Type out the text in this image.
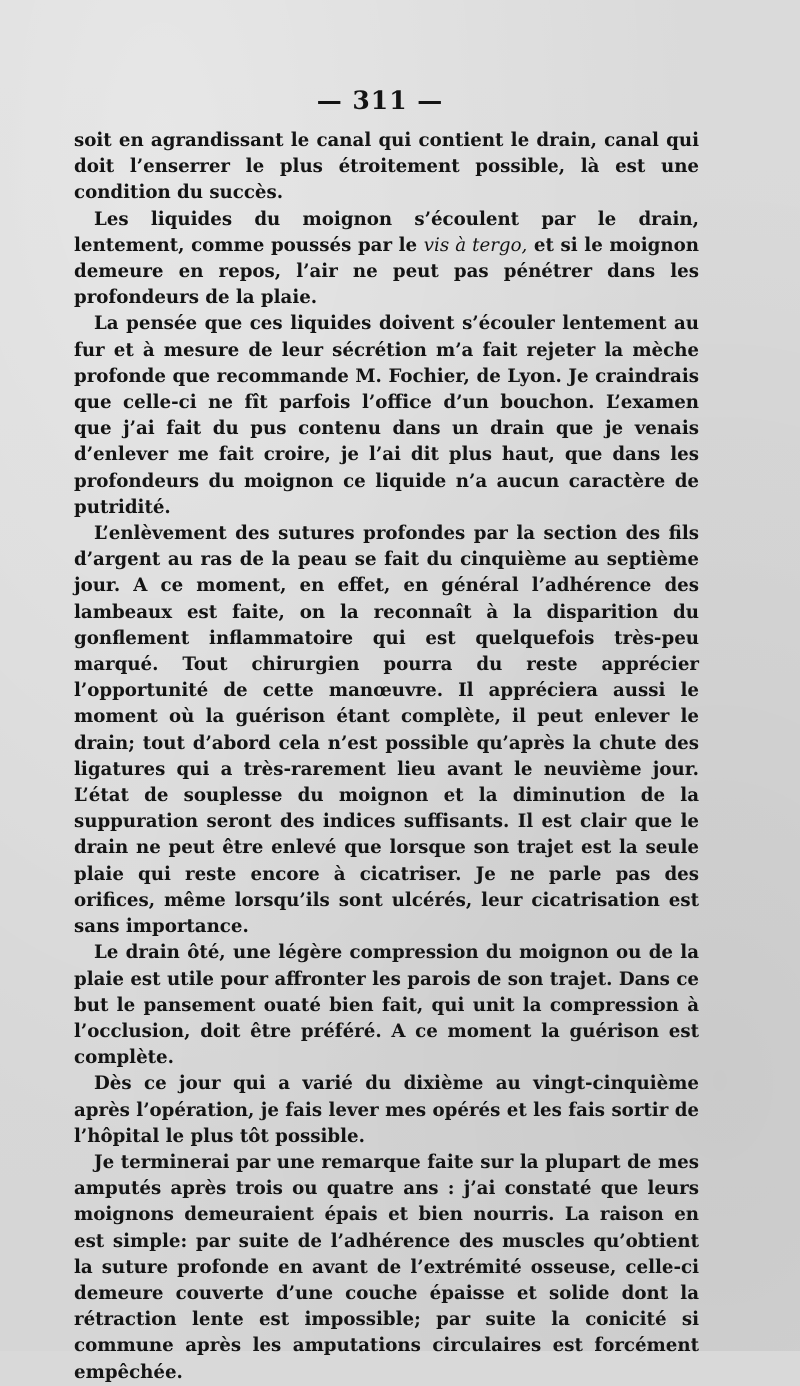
— 311 —

soit en agrandissant le canal qui contient le drain, canal qui doit l’enserrer le plus étroitement possible, là est une condition du succès.

Les liquides du moignon s’écoulent par le drain, lentement, comme poussés par le vis à tergo, et si le moignon demeure en repos, l’air ne peut pas pénétrer dans les profondeurs de la plaie.

La pensée que ces liquides doivent s’écouler lentement au fur et à mesure de leur sécrétion m’a fait rejeter la mèche profonde que recommande M. Fochier, de Lyon. Je craindrais que celle-ci ne fît parfois l’office d’un bouchon. L’examen que j’ai fait du pus contenu dans un drain que je venais d’enlever me fait croire, je l’ai dit plus haut, que dans les profondeurs du moignon ce liquide n’a aucun caractère de putridité.

L’enlèvement des sutures profondes par la section des fils d’argent au ras de la peau se fait du cinquième au septième jour. A ce moment, en effet, en général l’adhérence des lambeaux est faite, on la reconnaît à la disparition du gonflement inflammatoire qui est quelquefois très-peu marqué. Tout chirurgien pourra du reste apprécier l’opportunité de cette manœuvre. Il appréciera aussi le moment où la guérison étant complète, il peut enlever le drain; tout d’abord cela n’est possible qu’après la chute des ligatures qui a très-rarement lieu avant le neuvième jour. L’état de souplesse du moignon et la diminution de la suppuration seront des indices suffisants. Il est clair que le drain ne peut être enlevé que lorsque son trajet est la seule plaie qui reste encore à cicatriser. Je ne parle pas des orifices, même lorsqu’ils sont ulcérés, leur cicatrisation est sans importance.

Le drain ôté, une légère compression du moignon ou de la plaie est utile pour affronter les parois de son trajet. Dans ce but le pansement ouaté bien fait, qui unit la compression à l’occlusion, doit être préféré. A ce moment la guérison est complète.

Dès ce jour qui a varié du dixième au vingt-cinquième après l’opération, je fais lever mes opérés et les fais sortir de l’hôpital le plus tôt possible.

Je terminerai par une remarque faite sur la plupart de mes amputés après trois ou quatre ans : j’ai constaté que leurs moignons demeuraient épais et bien nourris. La raison en est simple: par suite de l’adhérence des muscles qu’obtient la suture profonde en avant de l’extrémité osseuse, celle-ci demeure couverte d’une couche épaisse et solide dont la rétraction lente est impossible; par suite la conicité si commune après les amputations circulaires est forcément empêchée.
